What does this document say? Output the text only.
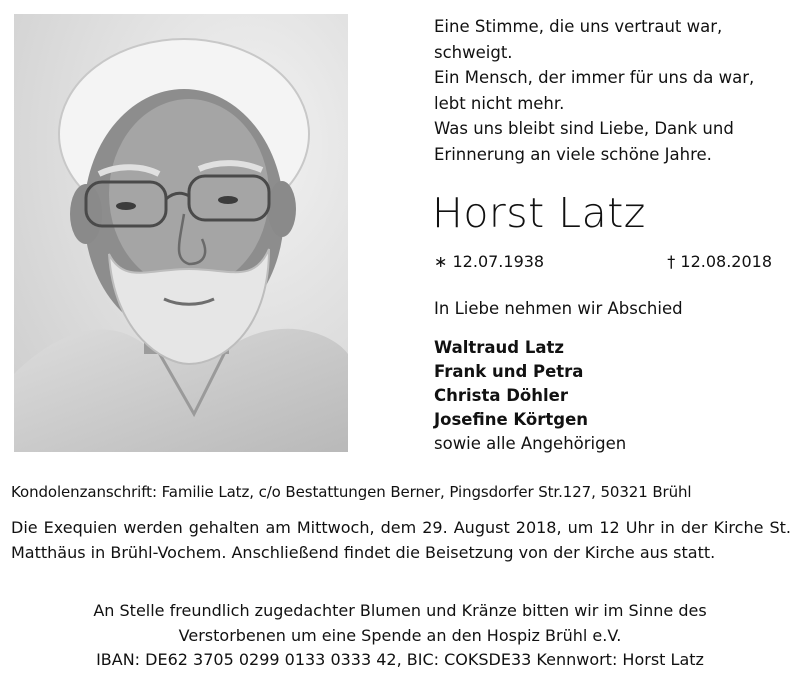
Eine Stimme, die uns vertraut war,
schweigt.
Ein Mensch, der immer für uns da war,
lebt nicht mehr.
Was uns bleibt sind Liebe, Dank und
Erinnerung an viele schöne Jahre.
Horst Latz
∗ 12.07.1938	† 12.08.2018
In Liebe nehmen wir Abschied
Waltraud Latz
Frank und Petra
Christa Döhler
Josefine Körtgen
sowie alle Angehörigen
Kondolenzanschrift: Familie Latz, c/o Bestattungen Berner, Pingsdorfer Str.127, 50321 Brühl
Die Exequien werden gehalten am Mittwoch, dem 29. August 2018, um 12 Uhr in der Kirche St. Matthäus in Brühl-Vochem. Anschließend findet die Beisetzung von der Kirche aus statt.
An Stelle freundlich zugedachter Blumen und Kränze bitten wir im Sinne des
Verstorbenen um eine Spende an den Hospiz Brühl e.V.
IBAN: DE62 3705 0299 0133 0333 42, BIC: COKSDE33 Kennwort: Horst Latz
